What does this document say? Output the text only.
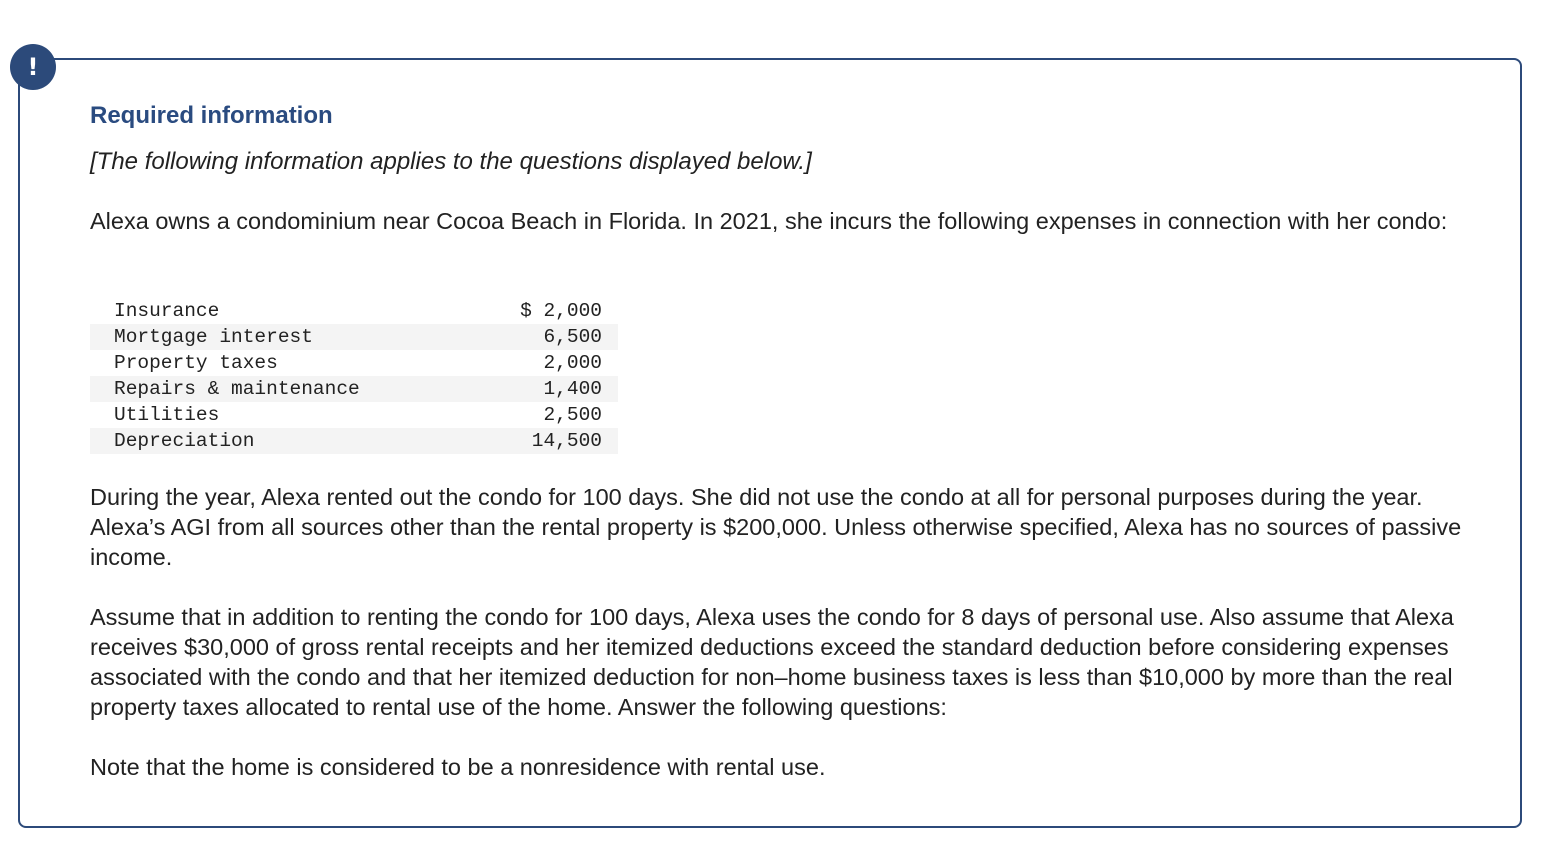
!
Required information

[The following information applies to the questions displayed below.]

Alexa owns a condominium near Cocoa Beach in Florida. In 2021, she incurs the following expenses in connection with her condo:

Insurance	$ 2,000
Mortgage interest	6,500
Property taxes	2,000
Repairs & maintenance	1,400
Utilities	2,500
Depreciation	14,500

During the year, Alexa rented out the condo for 100 days. She did not use the condo at all for personal purposes during the year. Alexa’s AGI from all sources other than the rental property is $200,000. Unless otherwise specified, Alexa has no sources of passive income.

Assume that in addition to renting the condo for 100 days, Alexa uses the condo for 8 days of personal use. Also assume that Alexa receives $30,000 of gross rental receipts and her itemized deductions exceed the standard deduction before considering expenses associated with the condo and that her itemized deduction for non–home business taxes is less than $10,000 by more than the real property taxes allocated to rental use of the home. Answer the following questions:

Note that the home is considered to be a nonresidence with rental use.
